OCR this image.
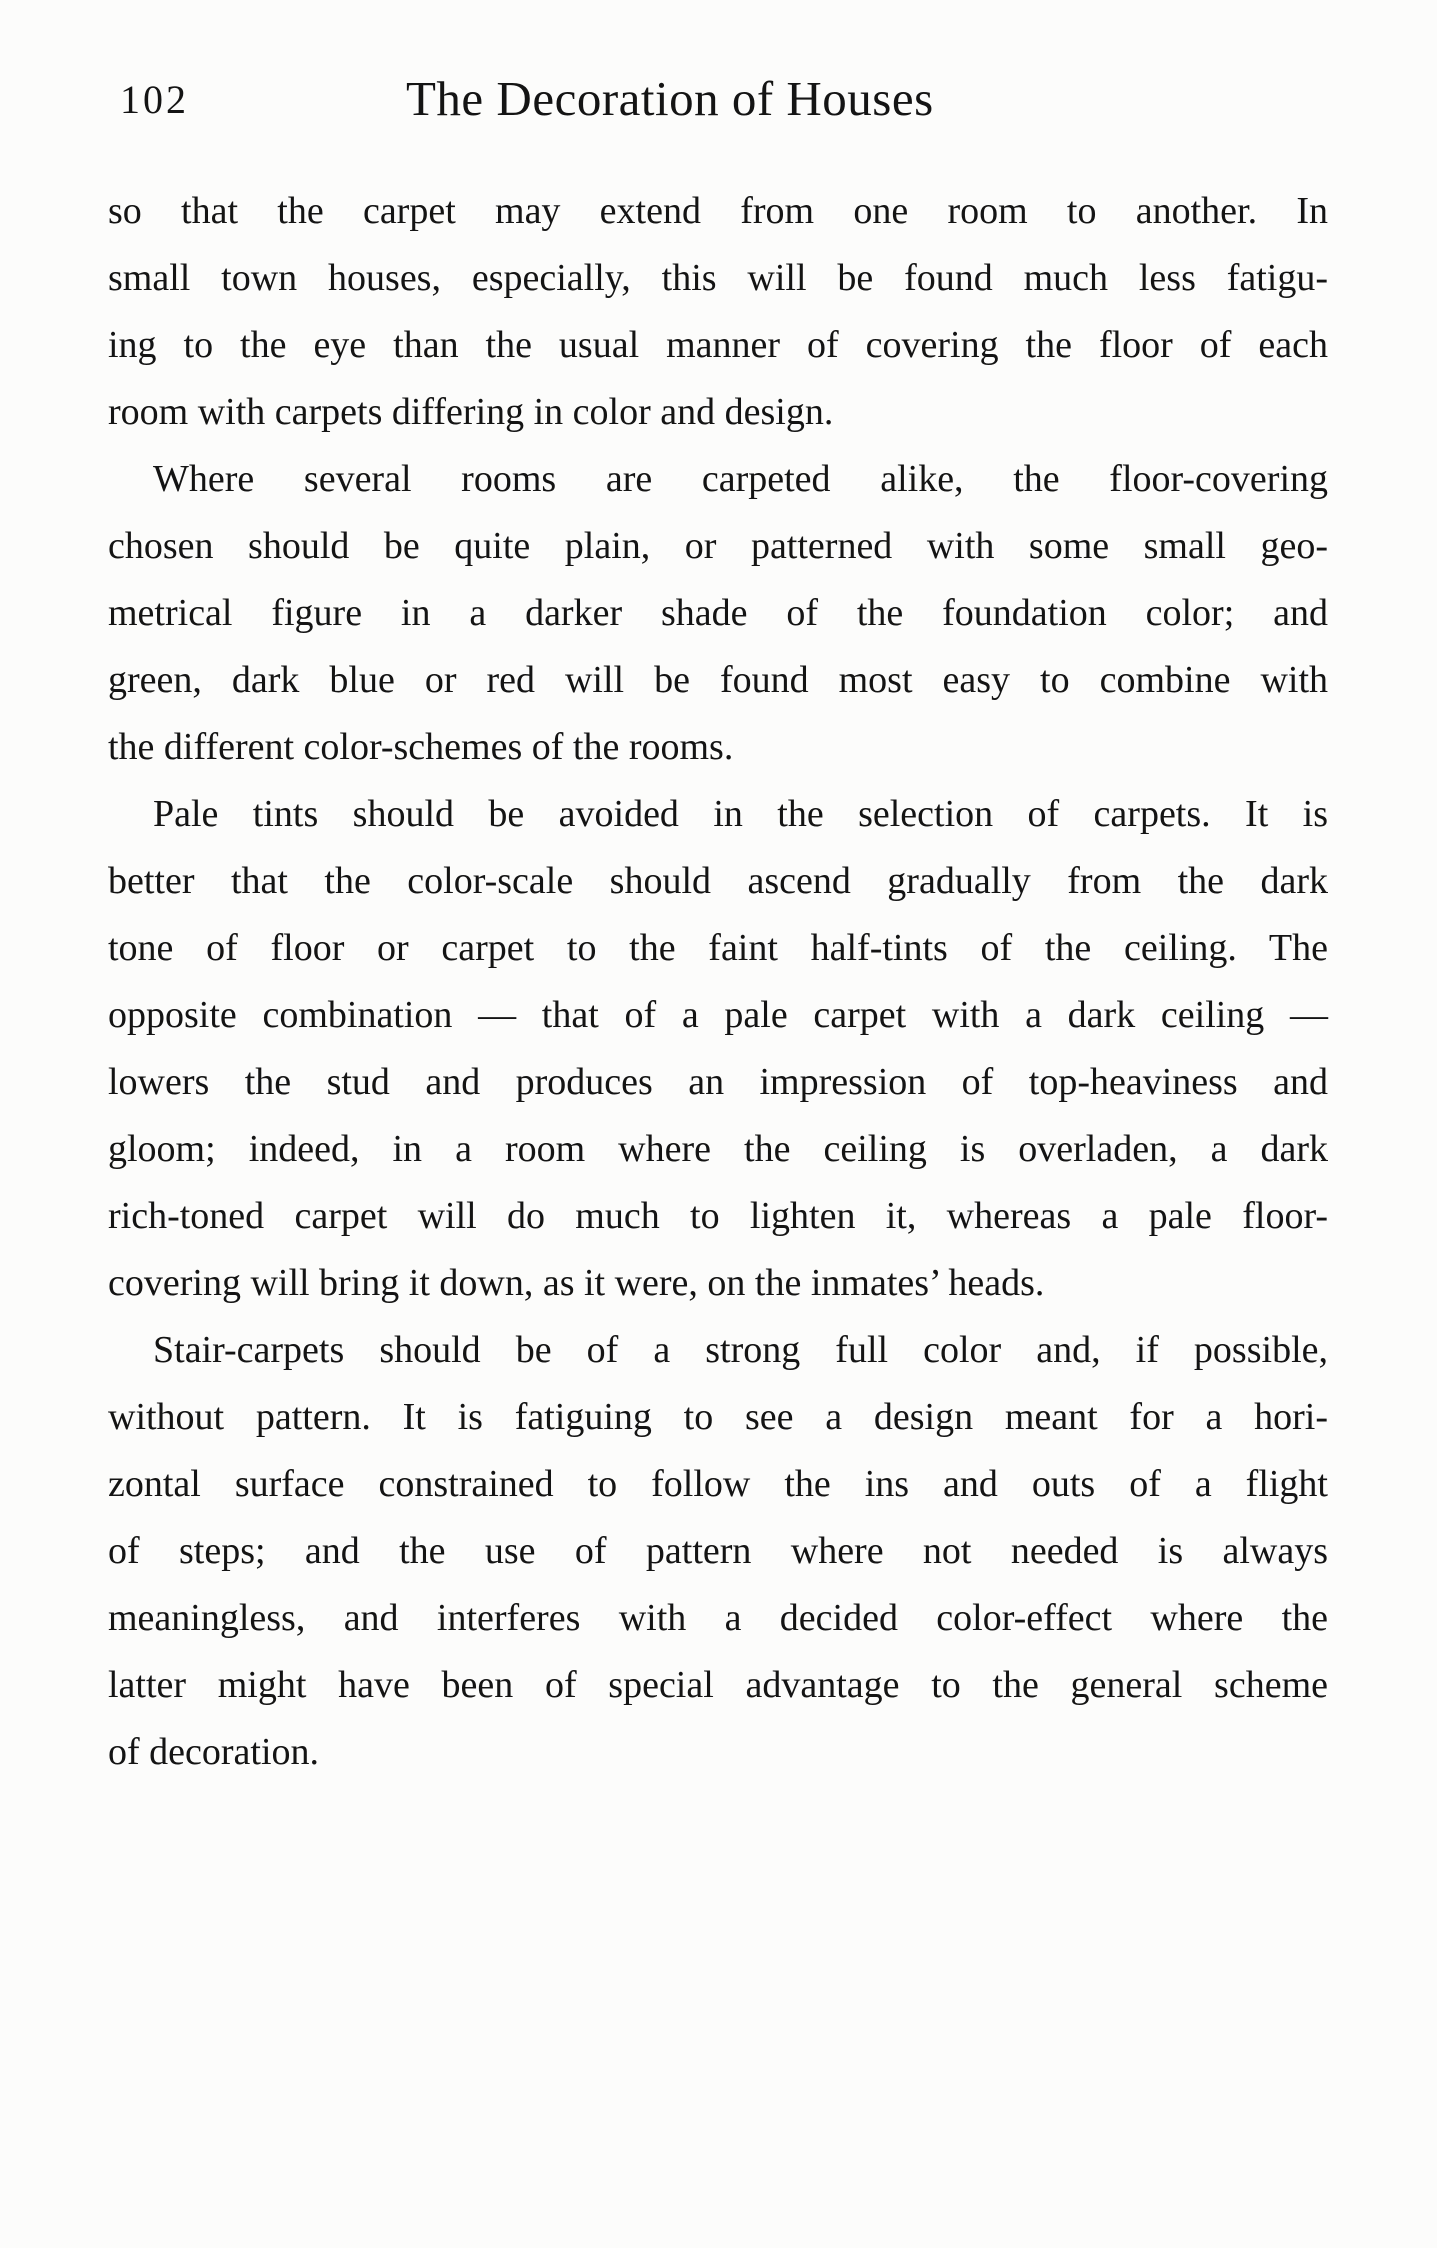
102	The Decoration of Houses
so that the carpet may extend from one room to another. In
small town houses, especially, this will be found much less fatigu-
ing to the eye than the usual manner of covering the floor of each
room with carpets differing in color and design.
Where several rooms are carpeted alike, the floor-covering
chosen should be quite plain, or patterned with some small geo-
metrical figure in a darker shade of the foundation color; and
green, dark blue or red will be found most easy to combine with
the different color-schemes of the rooms.
Pale tints should be avoided in the selection of carpets. It is
better that the color-scale should ascend gradually from the dark
tone of floor or carpet to the faint half-tints of the ceiling. The
opposite combination — that of a pale carpet with a dark ceiling —
lowers the stud and produces an impression of top-heaviness and
gloom; indeed, in a room where the ceiling is overladen, a dark
rich-toned carpet will do much to lighten it, whereas a pale floor-
covering will bring it down, as it were, on the inmates’ heads.
Stair-carpets should be of a strong full color and, if possible,
without pattern. It is fatiguing to see a design meant for a hori-
zontal surface constrained to follow the ins and outs of a flight
of steps; and the use of pattern where not needed is always
meaningless, and interferes with a decided color-effect where the
latter might have been of special advantage to the general scheme
of decoration.
